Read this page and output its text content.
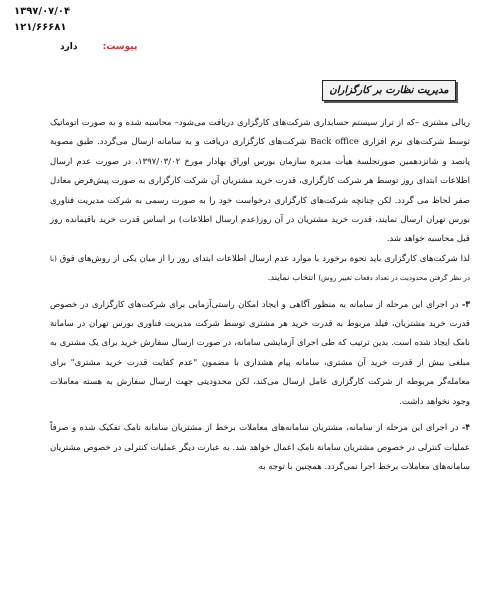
۱۳۹۷/۰۷/۰۴
۱۲۱/۶۶۶۸۱
پیوست: دارد
مدیریت نظارت بر کارگزاران

ریالی مشتری –که از تراز سیستم حسابداری شرکت‌های کارگزاری دریافت می‌شود– محاسبه شده و به صورت اتوماتیک توسط شرکت‌های نرم افزاری Back office شرکت‌های کارگزاری دریافت و به سامانه ارسال می‌گردد. طبق مصوبة پانصد و شانزدهمین صورتجلسة هیأت مدیرة سازمان بورس اوراق بهادار مورخ ۱۳۹۷/۰۳/۰۲، در صورت عدم ارسال اطلاعات ابتدای روز توسط هر شرکت کارگزاری، قدرت خرید مشتریان آن شرکت کارگزاری به صورت پیش‌فرض معادل صفر لحاظ می گردد. لکن چنانچه شرکت‌های کارگزاری درخواست خود را به صورت رسمی به شرکت مدیریت فناوری بورس تهران ارسال نمایند، قدرت خرید مشتریان در آن روز(عدم ارسال اطلاعات) بر اساس قدرت خرید باقیمانده روز قبل محاسبه خواهد شد.

لذا شرکت‌های کارگزاری باید نحوة برخورد با موارد عدم ارسال اطلاعات ابتدای روز را از میان یکی از روش‌های فوق (با در نظر گرفتن محدودیت در تعداد دفعات تغییر روش) انتخاب نمایند.

۳- در اجرای این مرحله از سامانه به منظور آگاهی و ایجاد امکان راستی‌آزمایی برای شرکت‌های کارگزاری در خصوص قدرت خرید مشتریان، فیلد مربوط به قدرت خرید هر مشتری توسط شرکت مدیریت فناوری بورس تهران در سامانة نامک ایجاد شده است. بدین ترتیب که طی اجرای آزمایشی سامانه، در صورت ارسال سفارش خرید برای یک مشتری به مبلغی بیش از قدرت خرید آن مشتری، سامانه پیام هشداری با مضمون "عدم کفایت قدرت خرید مشتری" برای معامله‌گر مربوطه از شرکت کارگزاری عامل ارسال می‌کند، لکن محدودیتی جهت ارسال سفارش به هسته معاملات وجود نخواهد داشت.

۴- در اجرای این مرحله از سامانه، مشتریان سامانه‌های معاملات برخط از مشتریان سامانة نامک تفکیک شده و صرفاً عملیات کنترلی در خصوص مشتریان سامانة نامک اعمال خواهد شد. به عبارت دیگر عملیات کنترلی در خصوص مشتریان سامانه‌های معاملات برخط اجرا نمی‌گردد. همچنین با توجه به
